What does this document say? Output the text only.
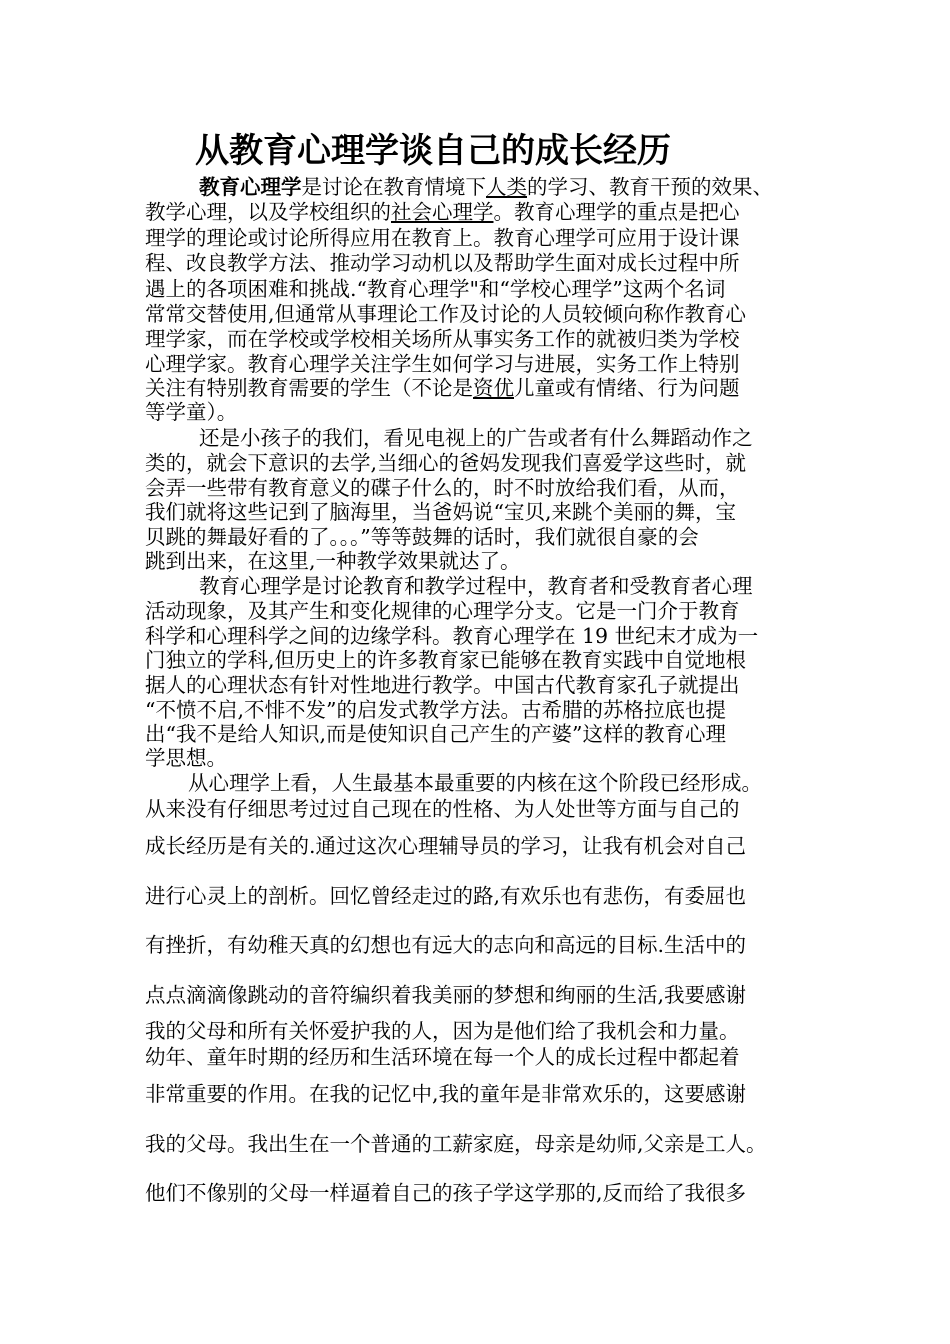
从教育心理学谈自己的成长经历
教育心理学是讨论在教育情境下人类的学习、教育干预的效果、
教学心理，以及学校组织的社会心理学。教育心理学的重点是把心
理学的理论或讨论所得应用在教育上。教育心理学可应用于设计课
程、改良教学方法、推动学习动机以及帮助学生面对成长过程中所
遇上的各项困难和挑战.“教育心理学"和“学校心理学”这两个名词
常常交替使用,但通常从事理论工作及讨论的人员较倾向称作教育心
理学家，而在学校或学校相关场所从事实务工作的就被归类为学校
心理学家。教育心理学关注学生如何学习与进展，实务工作上特别
关注有特别教育需要的学生（不论是资优儿童或有情绪、行为问题
等学童）。
还是小孩子的我们，看见电视上的广告或者有什么舞蹈动作之
类的，就会下意识的去学,当细心的爸妈发现我们喜爱学这些时，就
会弄一些带有教育意义的碟子什么的，时不时放给我们看，从而，
我们就将这些记到了脑海里，当爸妈说“宝贝,来跳个美丽的舞，宝
贝跳的舞最好看的了。。。”等等鼓舞的话时，我们就很自豪的会
跳到出来，在这里,一种教学效果就达了。
教育心理学是讨论教育和教学过程中，教育者和受教育者心理
活动现象，及其产生和变化规律的心理学分支。它是一门介于教育
科学和心理科学之间的边缘学科。教育心理学在 19 世纪末才成为一
门独立的学科,但历史上的许多教育家已能够在教育实践中自觉地根
据人的心理状态有针对性地进行教学。中国古代教育家孔子就提出
“不愤不启,不悱不发”的启发式教学方法。古希腊的苏格拉底也提
出“我不是给人知识,而是使知识自己产生的产婆”这样的教育心理
学思想。
从心理学上看，人生最基本最重要的内核在这个阶段已经形成。
从来没有仔细思考过过自己现在的性格、为人处世等方面与自己的
成长经历是有关的.通过这次心理辅导员的学习，让我有机会对自己
进行心灵上的剖析。回忆曾经走过的路,有欢乐也有悲伤，有委屈也
有挫折，有幼稚天真的幻想也有远大的志向和高远的目标.生活中的
点点滴滴像跳动的音符编织着我美丽的梦想和绚丽的生活,我要感谢
我的父母和所有关怀爱护我的人，因为是他们给了我机会和力量。
幼年、童年时期的经历和生活环境在每一个人的成长过程中都起着
非常重要的作用。在我的记忆中,我的童年是非常欢乐的，这要感谢
我的父母。我出生在一个普通的工薪家庭，母亲是幼师,父亲是工人。
他们不像别的父母一样逼着自己的孩子学这学那的,反而给了我很多
